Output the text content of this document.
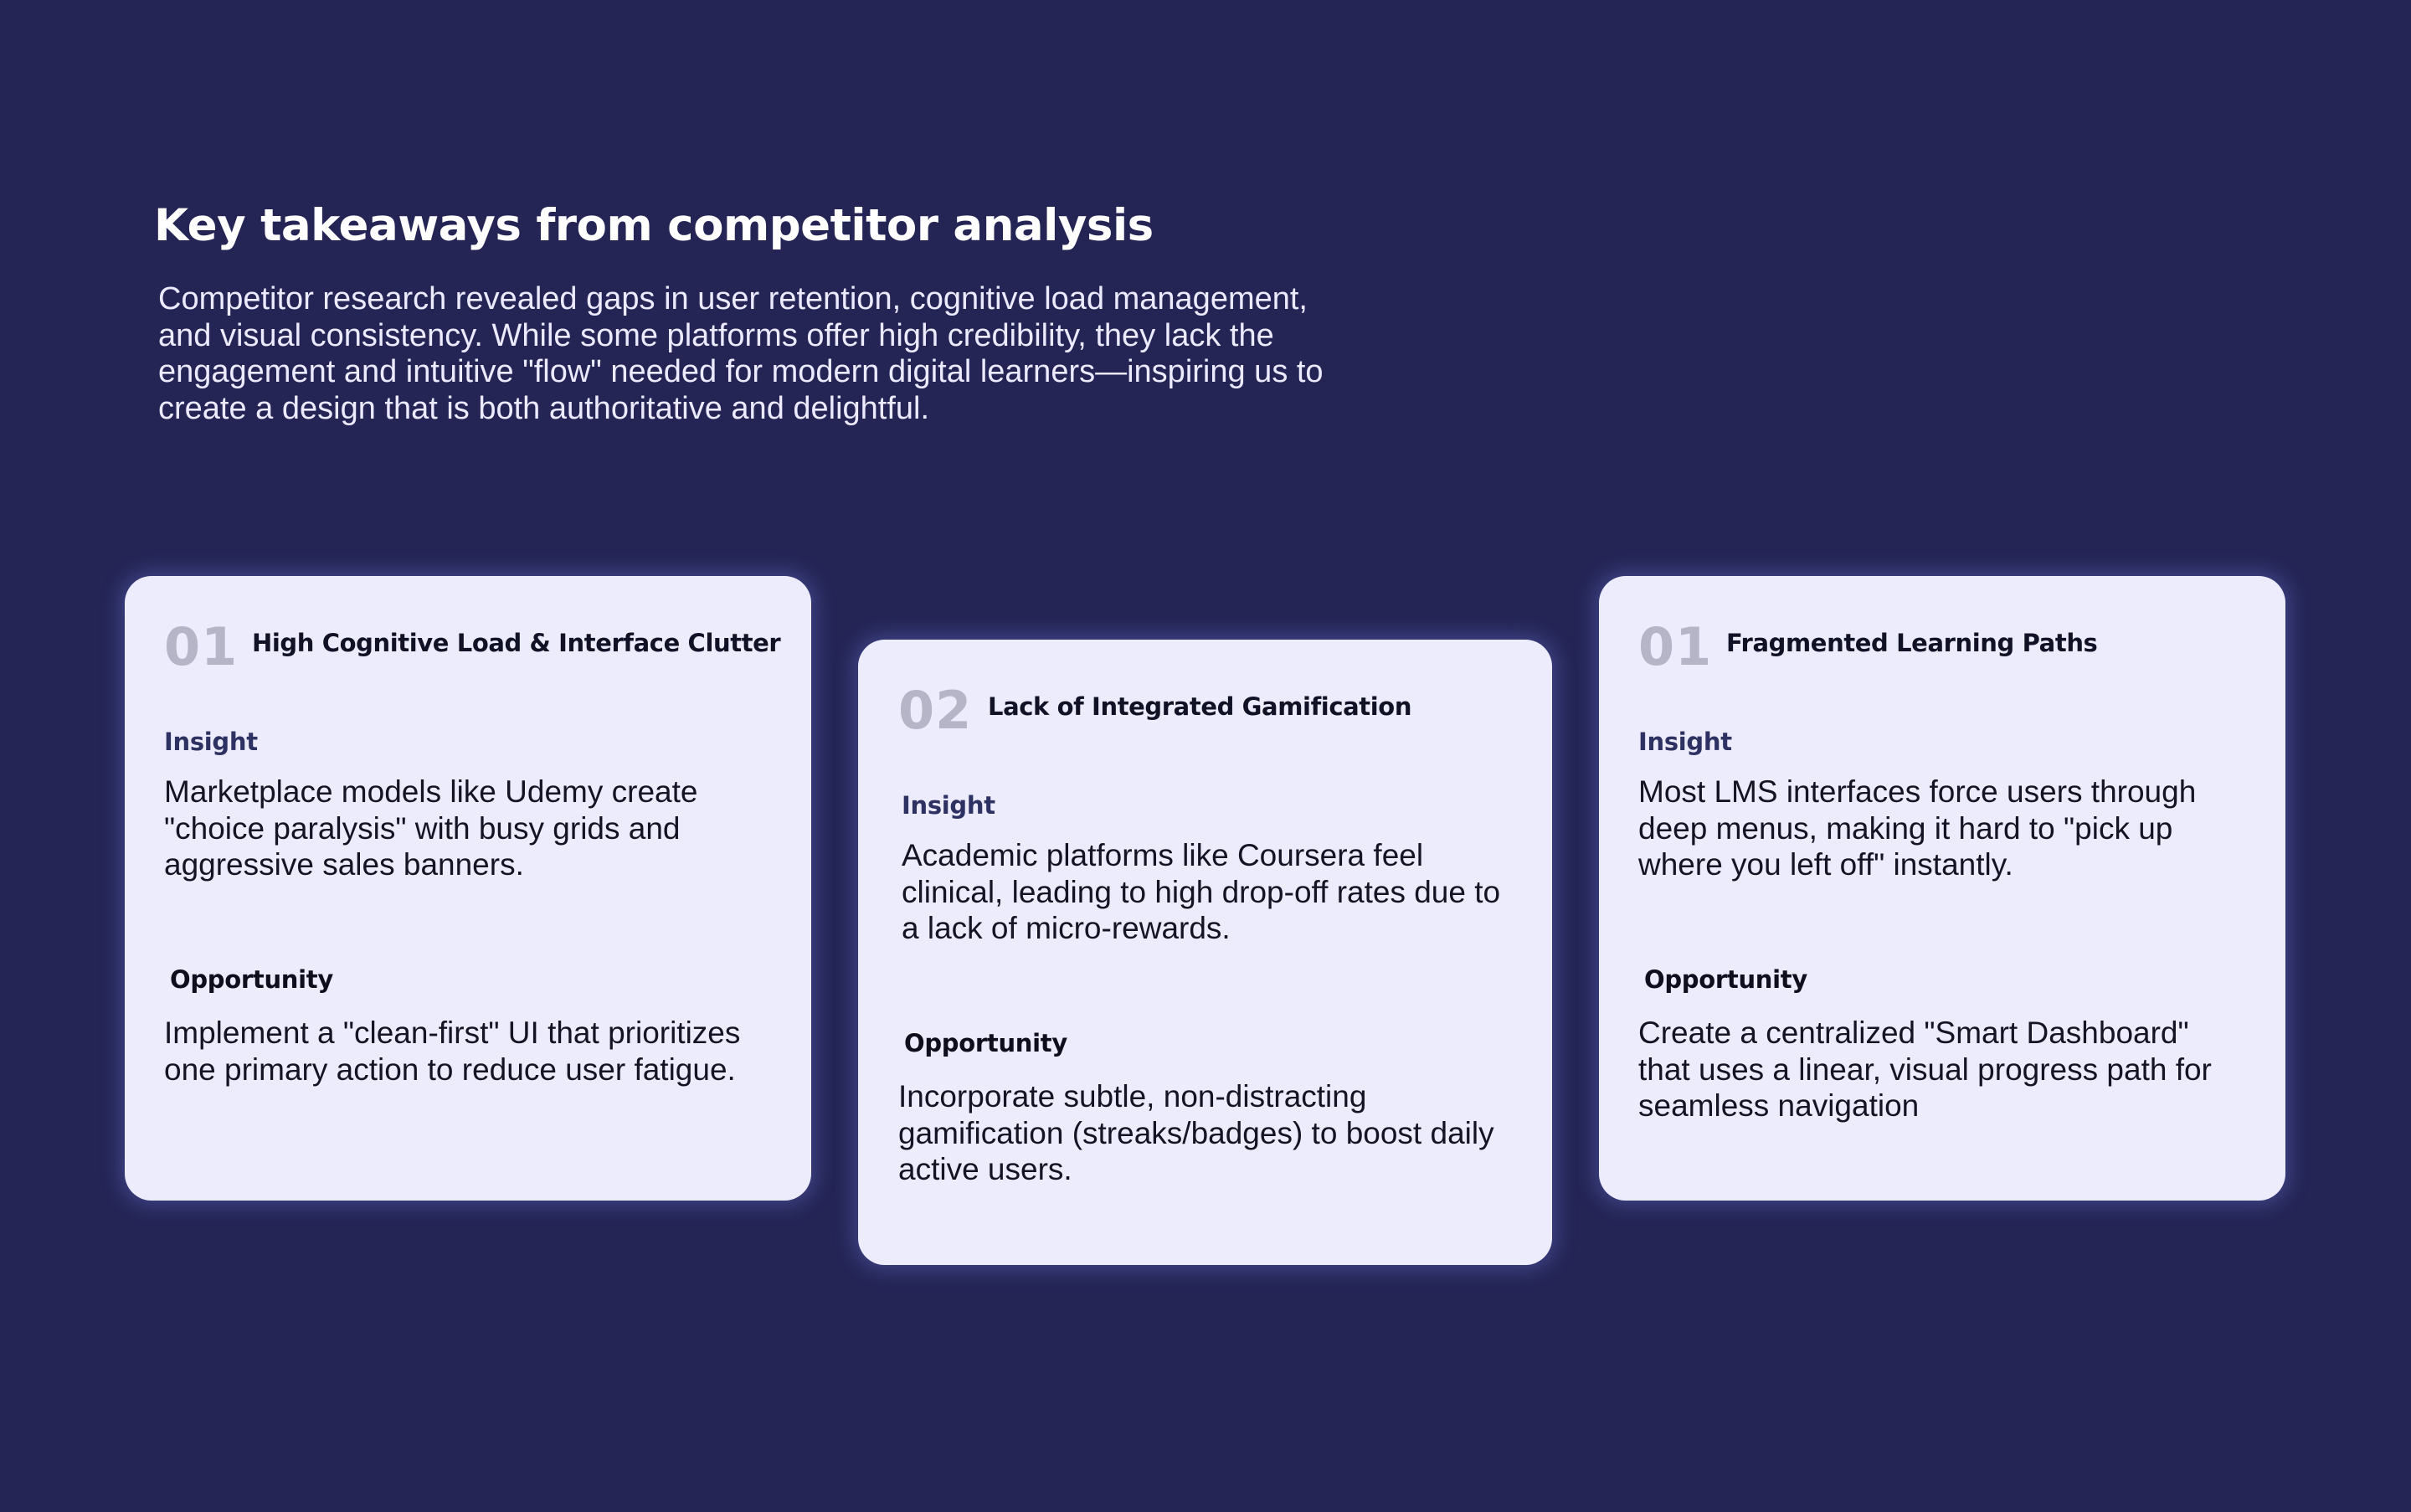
Key takeaways from competitor analysis

Competitor research revealed gaps in user retention, cognitive load management, and visual consistency. While some platforms offer high credibility, they lack the engagement and intuitive "flow" needed for modern digital learners—inspiring us to create a design that is both authoritative and delightful.

01 High Cognitive Load & Interface Clutter
Insight

Marketplace models like Udemy create "choice paralysis" with busy grids and aggressive sales banners.

Opportunity

Implement a "clean-first" UI that prioritizes one primary action to reduce user fatigue.

02 Lack of Integrated Gamification
Insight

Academic platforms like Coursera feel clinical, leading to high drop-off rates due to a lack of micro-rewards.

Opportunity

Incorporate subtle, non-distracting gamification (streaks/badges) to boost daily active users.

01 Fragmented Learning Paths
Insight

Most LMS interfaces force users through deep menus, making it hard to "pick up where you left off" instantly.

Opportunity

Create a centralized "Smart Dashboard" that uses a linear, visual progress path for seamless navigation
